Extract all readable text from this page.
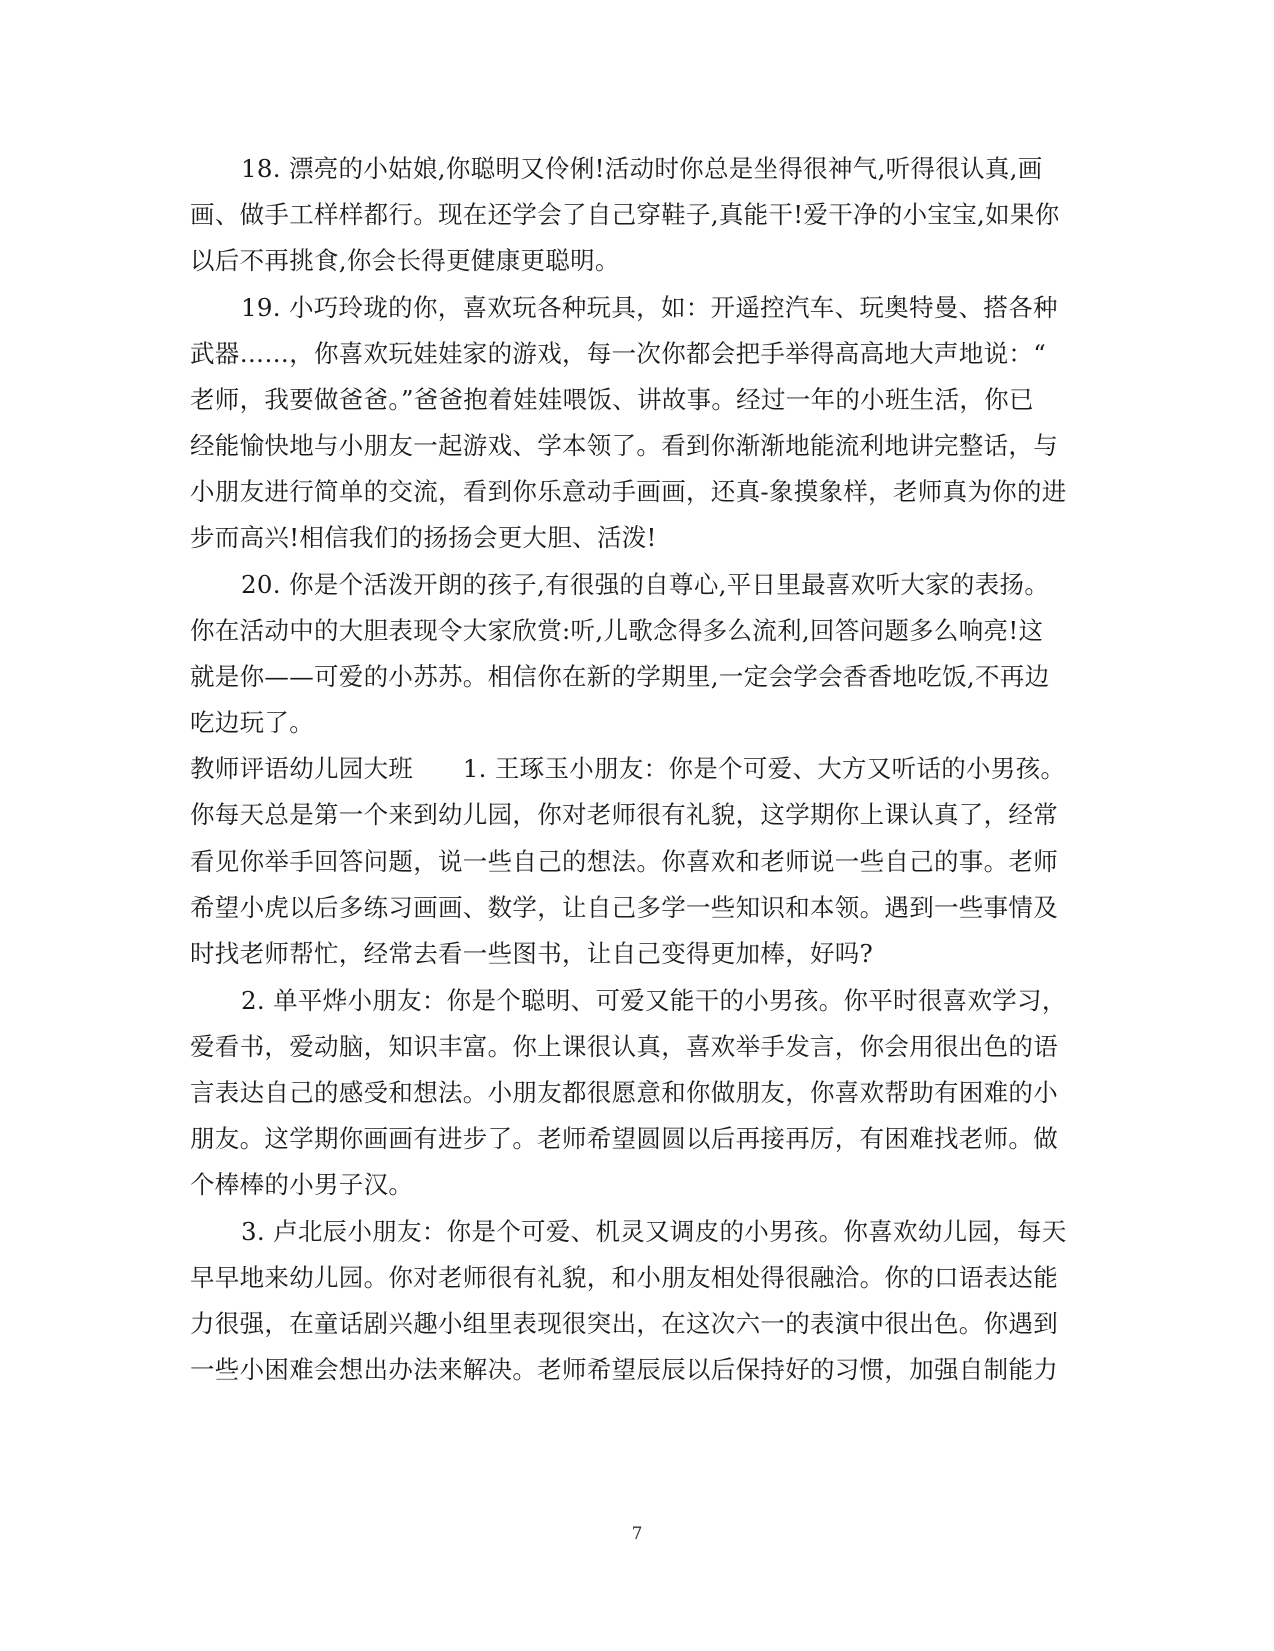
18. 漂亮的小姑娘,你聪明又伶俐!活动时你总是坐得很神气,听得很认真,画
画、做手工样样都行。现在还学会了自己穿鞋子,真能干!爱干净的小宝宝,如果你
以后不再挑食,你会长得更健康更聪明。
19. 小巧玲珑的你，喜欢玩各种玩具，如：开遥控汽车、玩奥特曼、搭各种
武器……，你喜欢玩娃娃家的游戏，每一次你都会把手举得高高地大声地说：“
老师，我要做爸爸。”爸爸抱着娃娃喂饭、讲故事。经过一年的小班生活，你已
经能愉快地与小朋友一起游戏、学本领了。看到你渐渐地能流利地讲完整话，与
小朋友进行简单的交流，看到你乐意动手画画，还真-象摸象样，老师真为你的进
步而高兴!相信我们的扬扬会更大胆、活泼!
20. 你是个活泼开朗的孩子,有很强的自尊心,平日里最喜欢听大家的表扬。
你在活动中的大胆表现令大家欣赏:听,儿歌念得多么流利,回答问题多么响亮!这
就是你——可爱的小苏苏。相信你在新的学期里,一定会学会香香地吃饭,不再边
吃边玩了。
教师评语幼儿园大班　　1. 王琢玉小朋友：你是个可爱、大方又听话的小男孩。
你每天总是第一个来到幼儿园，你对老师很有礼貌，这学期你上课认真了，经常
看见你举手回答问题，说一些自己的想法。你喜欢和老师说一些自己的事。老师
希望小虎以后多练习画画、数学，让自己多学一些知识和本领。遇到一些事情及
时找老师帮忙，经常去看一些图书，让自己变得更加棒，好吗?
2. 单平烨小朋友：你是个聪明、可爱又能干的小男孩。你平时很喜欢学习，
爱看书，爱动脑，知识丰富。你上课很认真，喜欢举手发言，你会用很出色的语
言表达自己的感受和想法。小朋友都很愿意和你做朋友，你喜欢帮助有困难的小
朋友。这学期你画画有进步了。老师希望圆圆以后再接再厉，有困难找老师。做
个棒棒的小男子汉。
3. 卢北辰小朋友：你是个可爱、机灵又调皮的小男孩。你喜欢幼儿园，每天
早早地来幼儿园。你对老师很有礼貌，和小朋友相处得很融洽。你的口语表达能
力很强，在童话剧兴趣小组里表现很突出，在这次六一的表演中很出色。你遇到
一些小困难会想出办法来解决。老师希望辰辰以后保持好的习惯，加强自制能力
7
